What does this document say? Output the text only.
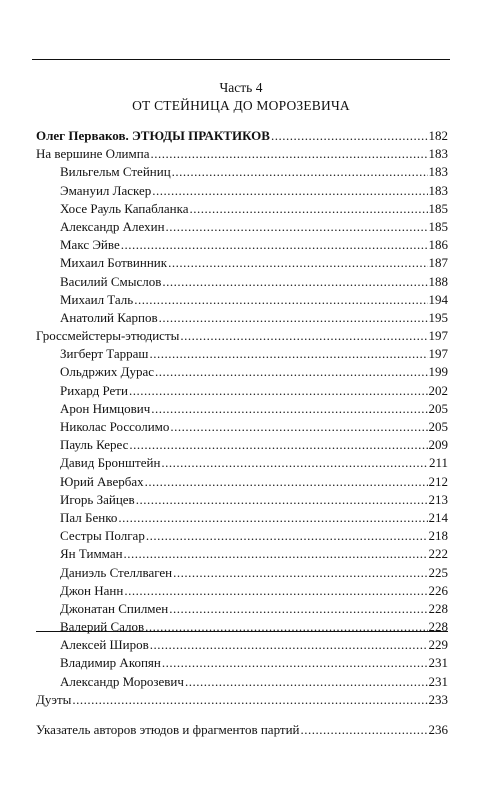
Часть 4
ОТ СТЕЙНИЦА ДО МОРОЗЕВИЧА
Олег Перваков. ЭТЮДЫ ПРАКТИКОВ .....	182
На вершине Олимпа .....	183
Вильгельм Стейниц .....	183
Эмануил Ласкер .....	183
Хосе Рауль Капабланка .....	185
Александр Алехин .....	185
Макс Эйве .....	186
Михаил Ботвинник .....	187
Василий Смыслов .....	188
Михаил Таль .....	194
Анатолий Карпов .....	195
Гроссмейстеры-этюдисты .....	197
Зигберт Тарраш .....	197
Ольдржих Дурас .....	199
Рихард Рети .....	202
Арон Нимцович .....	205
Николас Россолимо .....	205
Пауль Керес .....	209
Давид Бронштейн .....	211
Юрий Авербах .....	212
Игорь Зайцев .....	213
Пал Бенко .....	214
Сестры Полгар .....	218
Ян Тимман .....	222
Даниэль Стеллваген .....	225
Джон Нанн .....	226
Джонатан Спилмен .....	228
Валерий Салов .....	228
Алексей Широв .....	229
Владимир Акопян .....	231
Александр Морозевич .....	231
Дуэты .....	233
Указатель авторов этюдов и фрагментов партий .....	236
